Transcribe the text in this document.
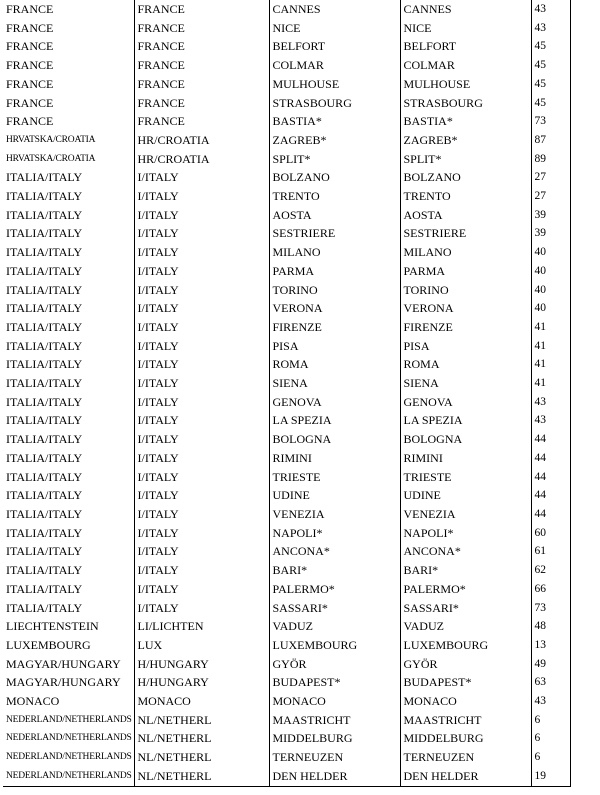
FRANCE	FRANCE	CANNES	CANNES	43
FRANCE	FRANCE	NICE	NICE	43
FRANCE	FRANCE	BELFORT	BELFORT	45
FRANCE	FRANCE	COLMAR	COLMAR	45
FRANCE	FRANCE	MULHOUSE	MULHOUSE	45
FRANCE	FRANCE	STRASBOURG	STRASBOURG	45
FRANCE	FRANCE	BASTIA*	BASTIA*	73
HRVATSKA/CROATIA	HR/CROATIA	ZAGREB*	ZAGREB*	87
HRVATSKA/CROATIA	HR/CROATIA	SPLIT*	SPLIT*	89
ITALIA/ITALY	I/ITALY	BOLZANO	BOLZANO	27
ITALIA/ITALY	I/ITALY	TRENTO	TRENTO	27
ITALIA/ITALY	I/ITALY	AOSTA	AOSTA	39
ITALIA/ITALY	I/ITALY	SESTRIERE	SESTRIERE	39
ITALIA/ITALY	I/ITALY	MILANO	MILANO	40
ITALIA/ITALY	I/ITALY	PARMA	PARMA	40
ITALIA/ITALY	I/ITALY	TORINO	TORINO	40
ITALIA/ITALY	I/ITALY	VERONA	VERONA	40
ITALIA/ITALY	I/ITALY	FIRENZE	FIRENZE	41
ITALIA/ITALY	I/ITALY	PISA	PISA	41
ITALIA/ITALY	I/ITALY	ROMA	ROMA	41
ITALIA/ITALY	I/ITALY	SIENA	SIENA	41
ITALIA/ITALY	I/ITALY	GENOVA	GENOVA	43
ITALIA/ITALY	I/ITALY	LA SPEZIA	LA SPEZIA	43
ITALIA/ITALY	I/ITALY	BOLOGNA	BOLOGNA	44
ITALIA/ITALY	I/ITALY	RIMINI	RIMINI	44
ITALIA/ITALY	I/ITALY	TRIESTE	TRIESTE	44
ITALIA/ITALY	I/ITALY	UDINE	UDINE	44
ITALIA/ITALY	I/ITALY	VENEZIA	VENEZIA	44
ITALIA/ITALY	I/ITALY	NAPOLI*	NAPOLI*	60
ITALIA/ITALY	I/ITALY	ANCONA*	ANCONA*	61
ITALIA/ITALY	I/ITALY	BARI*	BARI*	62
ITALIA/ITALY	I/ITALY	PALERMO*	PALERMO*	66
ITALIA/ITALY	I/ITALY	SASSARI*	SASSARI*	73
LIECHTENSTEIN	LI/LICHTEN	VADUZ	VADUZ	48
LUXEMBOURG	LUX	LUXEMBOURG	LUXEMBOURG	13
MAGYAR/HUNGARY	H/HUNGARY	GYÖR	GYÖR	49
MAGYAR/HUNGARY	H/HUNGARY	BUDAPEST*	BUDAPEST*	63
MONACO	MONACO	MONACO	MONACO	43
NEDERLAND/NETHERLANDS	NL/NETHERL	MAASTRICHT	MAASTRICHT	6
NEDERLAND/NETHERLANDS	NL/NETHERL	MIDDELBURG	MIDDELBURG	6
NEDERLAND/NETHERLANDS	NL/NETHERL	TERNEUZEN	TERNEUZEN	6
NEDERLAND/NETHERLANDS	NL/NETHERL	DEN HELDER	DEN HELDER	19
